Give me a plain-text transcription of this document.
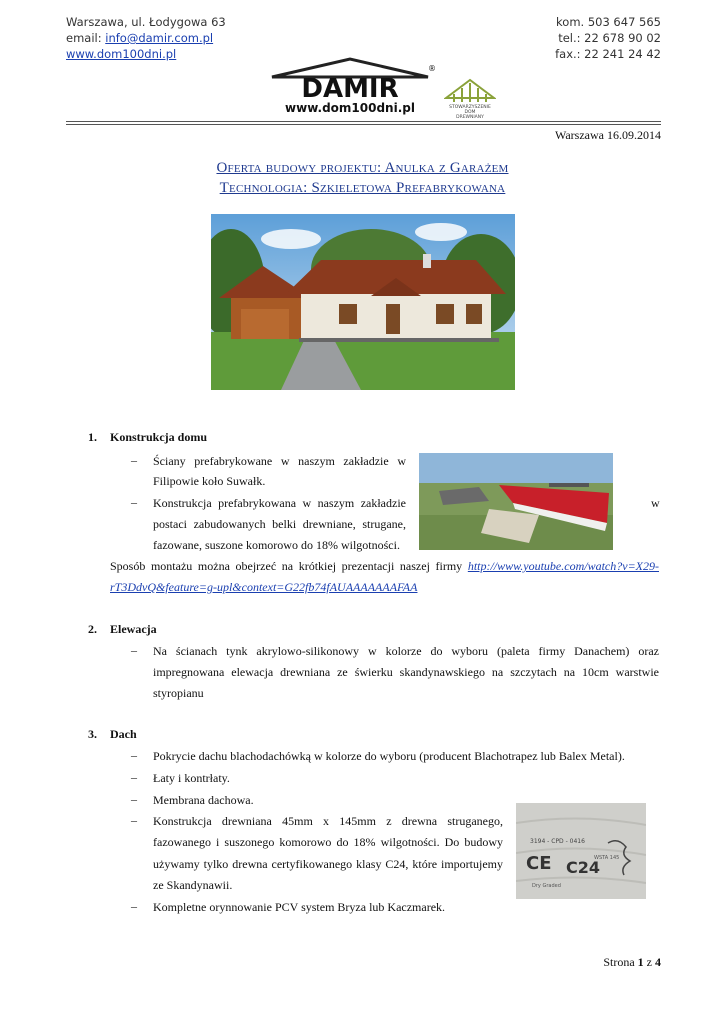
Warszawa, ul. Łodygowa 63
email: info@damir.com.pl
www.dom100dni.pl
kom. 503 647 565
tel.: 22 678 90 02
fax.: 22 241 24 42
DAMIR
®
www.dom100dni.pl	STOWARZYSZENIE
DOM
DREWNIANY
Warszawa 16.09.2014
Oferta budowy projektu: Anulka z Garażem
Technologia: Szkieletowa Prefabrykowana
1. Konstrukcja domu
– Ściany prefabrykowane w naszym zakładzie w
Filipowie koło Suwałk.
– Konstrukcja prefabrykowana w naszym zakładzie	w
postaci zabudowanych belki drewniane, strugane,
fazowane, suszone komorowo do 18% wilgotności.
Sposób montażu można obejrzeć na krótkiej prezentacji naszej firmy http://www.youtube.com/watch?v=X29-
rT3DdvQ&feature=g-upl&context=G22fb74fAUAAAAAAAFAA
2. Elewacja
– Na ścianach tynk akrylowo-silikonowy w kolorze do wyboru (paleta firmy Danachem) oraz
impregnowana elewacja drewniana ze świerku skandynawskiego na szczytach na 10cm warstwie
styropianu
3. Dach
– Pokrycie dachu blachodachówką w kolorze do wyboru (producent Blachotrapez lub Balex Metal).
– Łaty i kontrłaty.
– Membrana dachowa.
– Konstrukcja drewniana 45mm x 145mm z drewna struganego,
fazowanego i suszonego komorowo do 18% wilgotności. Do budowy
używamy tylko drewna certyfikowanego klasy C24, które importujemy
ze Skandynawii.
– Kompletne orynnowanie PCV system Bryza lub Kaczmarek.
3194 - CPD - 0416
CE C24
WSTA 145
Dry Graded
Strona 1 z 4
